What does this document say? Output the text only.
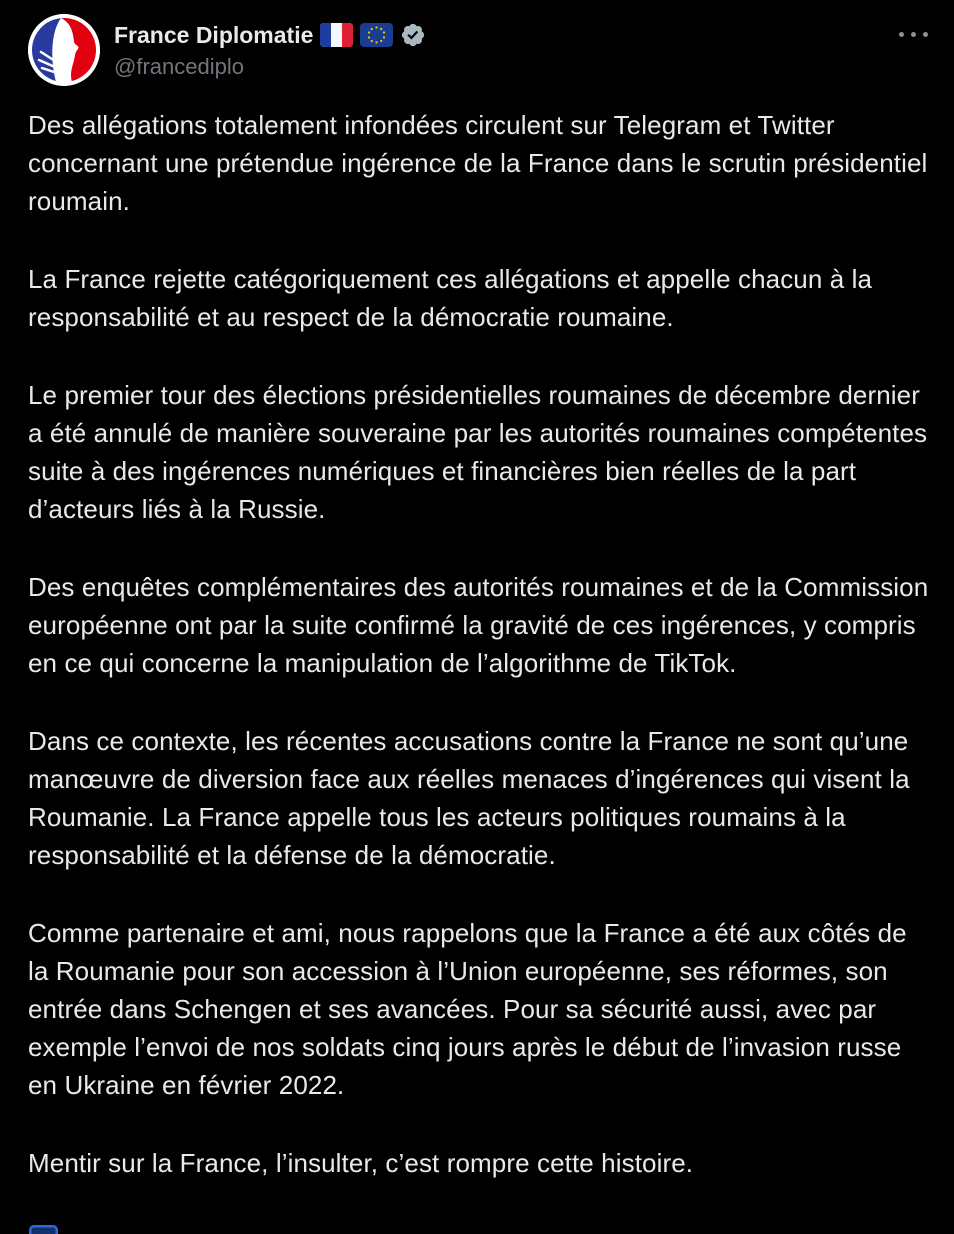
France Diplomatie
@francediplo

Des allégations totalement infondées circulent sur Telegram et Twitter concernant une prétendue ingérence de la France dans le scrutin présidentiel roumain.

La France rejette catégoriquement ces allégations et appelle chacun à la responsabilité et au respect de la démocratie roumaine.

Le premier tour des élections présidentielles roumaines de décembre dernier a été annulé de manière souveraine par les autorités roumaines compétentes suite à des ingérences numériques et financières bien réelles de la part d’acteurs liés à la Russie.

Des enquêtes complémentaires des autorités roumaines et de la Commission européenne ont par la suite confirmé la gravité de ces ingérences, y compris en ce qui concerne la manipulation de l’algorithme de TikTok.

Dans ce contexte, les récentes accusations contre la France ne sont qu’une manœuvre de diversion face aux réelles menaces d’ingérences qui visent la Roumanie. La France appelle tous les acteurs politiques roumains à la responsabilité et la défense de la démocratie.

Comme partenaire et ami, nous rappelons que la France a été aux côtés de la Roumanie pour son accession à l’Union européenne, ses réformes, son entrée dans Schengen et ses avancées. Pour sa sécurité aussi, avec par exemple l’envoi de nos soldats cinq jours après le début de l’invasion russe en Ukraine en février 2022.

Mentir sur la France, l’insulter, c’est rompre cette histoire.
